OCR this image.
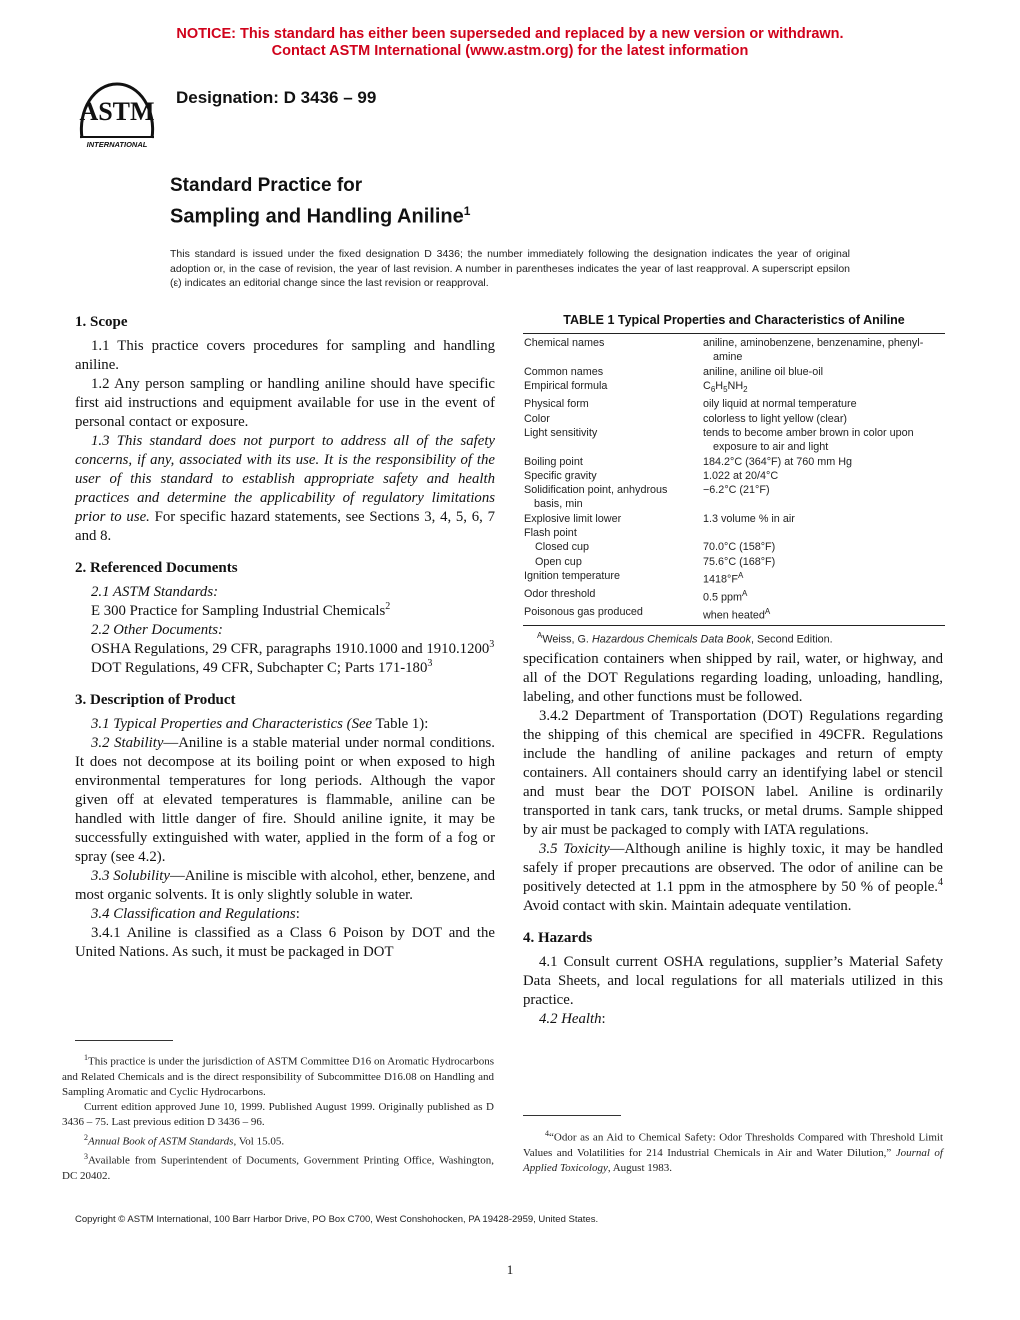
NOTICE: This standard has either been superseded and replaced by a new version or withdrawn.
Contact ASTM International (www.astm.org) for the latest information
ASTM
INTERNATIONAL
Designation: D 3436 – 99
Standard Practice for
Sampling and Handling Aniline$^1$
This standard is issued under the fixed designation D 3436; the number immediately following the designation indicates the year of original adoption or, in the case of revision, the year of last revision. A number in parentheses indicates the year of last reapproval. A superscript epsilon (ε) indicates an editorial change since the last revision or reapproval.
1. Scope

1.1 This practice covers procedures for sampling and handling aniline.

1.2 Any person sampling or handling aniline should have specific first aid instructions and equipment available for use in the event of personal contact or exposure.

1.3 This standard does not purport to address all of the safety concerns, if any, associated with its use. It is the responsibility of the user of this standard to establish appropriate safety and health practices and determine the applicability of regulatory limitations prior to use. For specific hazard statements, see Sections 3, 4, 5, 6, 7 and 8.

2. Referenced Documents

2.1 ASTM Standards:

E 300 Practice for Sampling Industrial Chemicals$^2$

2.2 Other Documents:

OSHA Regulations, 29 CFR, paragraphs 1910.1000 and 1910.1200$^3$

DOT Regulations, 49 CFR, Subchapter C; Parts $171-180^3$

3. Description of Product

3.1 Typical Properties and Characteristics (See Table 1):

3.2 Stability—Aniline is a stable material under normal conditions. It does not decompose at its boiling point or when exposed to high environmental temperatures for long periods. Although the vapor given off at elevated temperatures is flammable, aniline can be handled with little danger of fire. Should aniline ignite, it may be successfully extinguished with water, applied in the form of a fog or spray (see 4.2).

3.3 Solubility—Aniline is miscible with alcohol, ether, benzene, and most organic solvents. It is only slightly soluble in water.

3.4 Classification and Regulations:

3.4.1 Aniline is classified as a Class 6 Poison by DOT and the United Nations. As such, it must be packaged in DOT

TABLE 1 Typical Properties and Characteristics of Aniline
Chemical names	aniline, aminobenzene, benzenamine, phenyl-
amine

Common names	aniline, aniline oil blue-oil
Empirical formula	$C_6H_5NH_2$
Physical form	oily liquid at normal temperature
Color	colorless to light yellow (clear)
Light sensitivity	tends to become amber brown in color upon
exposure to air and light

Boiling point	184.2°C (364°F) at 760 mm Hg
Specific gravity	1.022 at 20/4°C
Solidification point, anhydrous
basis, min	−6.2°C (21°F)
Explosive limit lower	1.3 volume % in air
Flash point	
Closed cup	70.0°C (158°F)
Open cup	75.6°C (168°F)
Ignition temperature	$1418^\circ F^A$
Odor threshold	0.5 ppm$^A$
Poisonous gas produced	when heated$^A$
$^A$Weiss, G. Hazardous Chemicals Data Book, Second Edition.

specification containers when shipped by rail, water, or highway, and all of the DOT Regulations regarding loading, unloading, handling, labeling, and other functions must be followed.

3.4.2 Department of Transportation (DOT) Regulations regarding the shipping of this chemical are specified in 49CFR. Regulations include the handling of aniline packages and return of empty containers. All containers should carry an identifying label or stencil and must bear the DOT POISON label. Aniline is ordinarily transported in tank cars, tank trucks, or metal drums. Sample shipped by air must be packaged to comply with IATA regulations.

3.5 Toxicity—Although aniline is highly toxic, it may be handled safely if proper precautions are observed. The odor of aniline can be positively detected at 1.1 ppm in the atmosphere by 50 % of people.$^4$ Avoid contact with skin. Maintain adequate ventilation.

4. Hazards

4.1 Consult current OSHA regulations, supplier’s Material Safety Data Sheets, and local regulations for all materials utilized in this practice.

4.2 Health:

$^1$This practice is under the jurisdiction of ASTM Committee D16 on Aromatic Hydrocarbons and Related Chemicals and is the direct responsibility of Subcommittee D16.08 on Handling and Sampling Aromatic and Cyclic Hydrocarbons.

Current edition approved June 10, 1999. Published August 1999. Originally published as D 3436 – 75. Last previous edition D 3436 – 96.

$^2$Annual Book of ASTM Standards, Vol 15.05.

$^3$Available from Superintendent of Documents, Government Printing Office, Washington, DC 20402.

$^4$“Odor as an Aid to Chemical Safety: Odor Thresholds Compared with Threshold Limit Values and Volatilities for 214 Industrial Chemicals in Air and Water Dilution,” Journal of Applied Toxicology, August 1983.

Copyright © ASTM International, 100 Barr Harbor Drive, PO Box C700, West Conshohocken, PA 19428-2959, United States.
1
